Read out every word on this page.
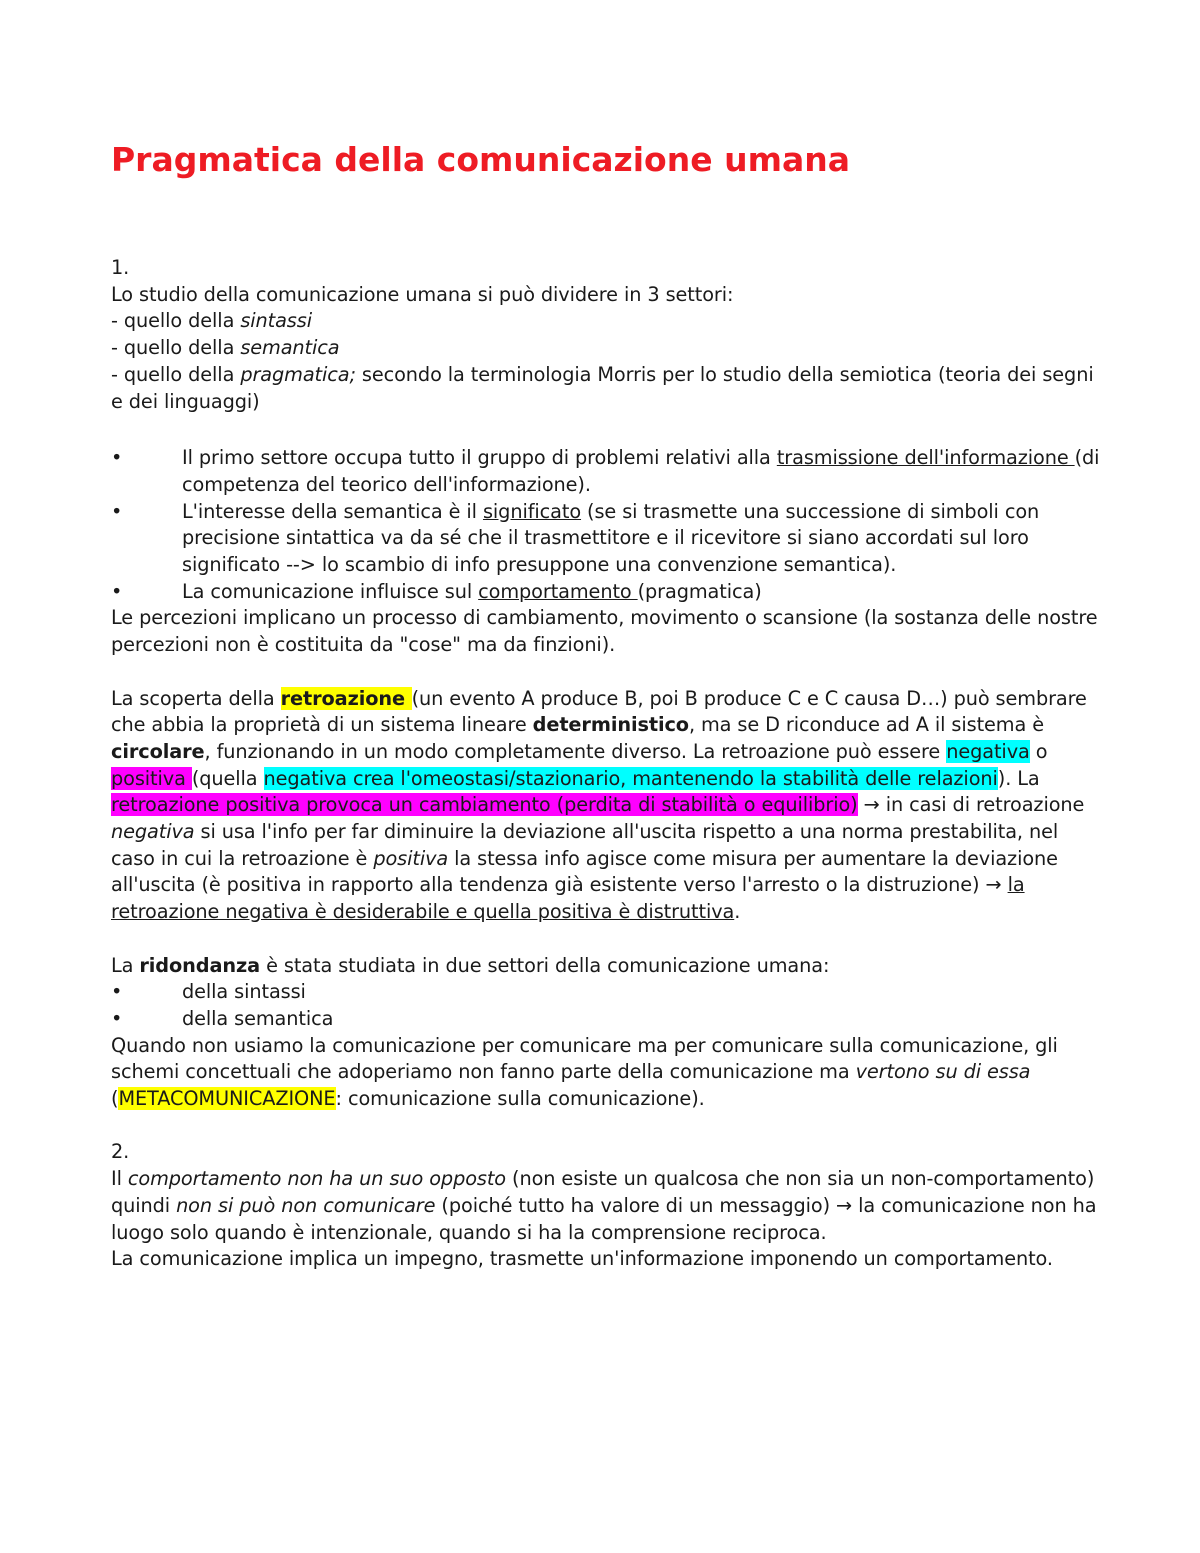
Pragmatica della comunicazione umana

1.

Lo studio della comunicazione umana si può dividere in 3 settori:

- quello della sintassi

- quello della semantica

- quello della pragmatica; secondo la terminologia Morris per lo studio della semiotica (teoria dei segni e dei linguaggi)

•	Il primo settore occupa tutto il gruppo di problemi relativi alla trasmissione dell'informazione (di competenza del teorico dell'informazione).
•	L'interesse della semantica è il significato (se si trasmette una successione di simboli con precisione sintattica va da sé che il trasmettitore e il ricevitore si siano accordati sul loro significato --> lo scambio di info presuppone una convenzione semantica).
•	La comunicazione influisce sul comportamento (pragmatica)

Le percezioni implicano un processo di cambiamento, movimento o scansione (la sostanza delle nostre percezioni non è costituita da "cose" ma da finzioni).

La scoperta della retroazione (un evento A produce B, poi B produce C e C causa D…) può sembrare che abbia la proprietà di un sistema lineare deterministico, ma se D riconduce ad A il sistema è circolare, funzionando in un modo completamente diverso. La retroazione può essere negativa o positiva (quella negativa crea l'omeostasi/stazionario, mantenendo la stabilità delle relazioni). La retroazione positiva provoca un cambiamento (perdita di stabilità o equilibrio) → in casi di retroazione negativa si usa l'info per far diminuire la deviazione all'uscita rispetto a una norma prestabilita, nel caso in cui la retroazione è positiva la stessa info agisce come misura per aumentare la deviazione all'uscita (è positiva in rapporto alla tendenza già esistente verso l'arresto o la distruzione) → la retroazione negativa è desiderabile e quella positiva è distruttiva.

La ridondanza è stata studiata in due settori della comunicazione umana:

•	della sintassi
•	della semantica

Quando non usiamo la comunicazione per comunicare ma per comunicare sulla comunicazione, gli schemi concettuali che adoperiamo non fanno parte della comunicazione ma vertono su di essa (METACOMUNICAZIONE: comunicazione sulla comunicazione).

2.

Il comportamento non ha un suo opposto (non esiste un qualcosa che non sia un non-comportamento) quindi non si può non comunicare (poiché tutto ha valore di un messaggio) → la comunicazione non ha luogo solo quando è intenzionale, quando si ha la comprensione reciproca.

La comunicazione implica un impegno, trasmette un'informazione imponendo un comportamento.
